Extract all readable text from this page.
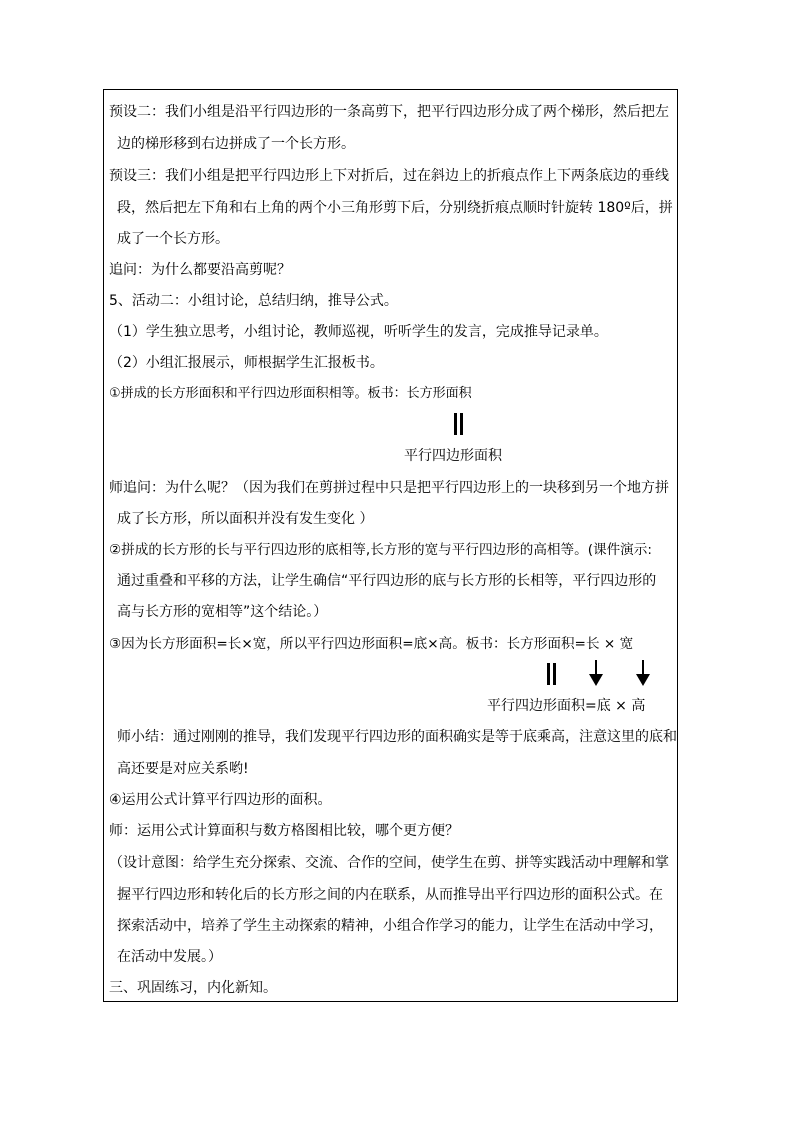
预设二：我们小组是沿平行四边形的一条高剪下，把平行四边形分成了两个梯形，然后把左
边的梯形移到右边拼成了一个长方形。
预设三：我们小组是把平行四边形上下对折后，过在斜边上的折痕点作上下两条底边的垂线
段，然后把左下角和右上角的两个小三角形剪下后，分别绕折痕点顺时针旋转 180º后，拼
成了一个长方形。
追问：为什么都要沿高剪呢？
5、活动二：小组讨论，总结归纳，推导公式。
（1）学生独立思考，小组讨论，教师巡视，听听学生的发言，完成推导记录单。
（2）小组汇报展示，师根据学生汇报板书。
①拼成的长方形面积和平行四边形面积相等。板书：长方形面积
平行四边形面积
师追问：为什么呢？（因为我们在剪拼过程中只是把平行四边形上的一块移到另一个地方拼
成了长方形，所以面积并没有发生变化 ）
②拼成的长方形的长与平行四边形的底相等,长方形的宽与平行四边形的高相等。(课件演示:
通过重叠和平移的方法，让学生确信“平行四边形的底与长方形的长相等，平行四边形的
高与长方形的宽相等”这个结论。）
③因为长方形面积=长×宽，所以平行四边形面积=底×高。板书：长方形面积=长 × 宽
平行四边形面积=底 × 高
师小结：通过刚刚的推导，我们发现平行四边形的面积确实是等于底乘高，注意这里的底和
高还要是对应关系哟!
④运用公式计算平行四边形的面积。
师：运用公式计算面积与数方格图相比较，哪个更方便？
（设计意图：给学生充分探索、交流、合作的空间，使学生在剪、拼等实践活动中理解和掌
握平行四边形和转化后的长方形之间的内在联系，从而推导出平行四边形的面积公式。在
探索活动中，培养了学生主动探索的精神，小组合作学习的能力，让学生在活动中学习，
在活动中发展。）
三、巩固练习，内化新知。
